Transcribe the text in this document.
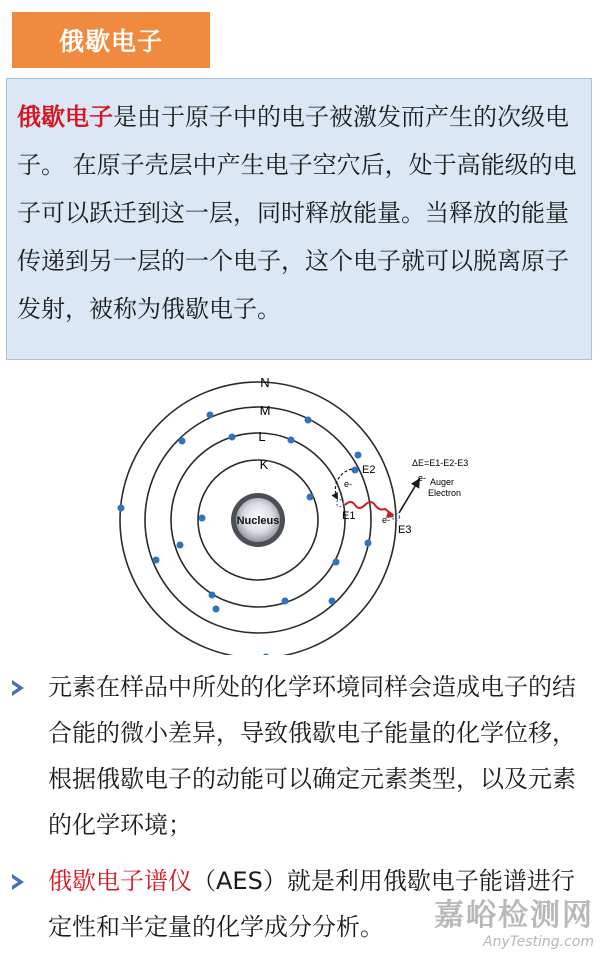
俄歇电子
俄歇电子是由于原子中的电子被激发而产生的次级电子。 在原子壳层中产生电子空穴后，处于高能级的电子可以跃迁到这一层，同时释放能量。当释放的能量传递到另一层的一个电子，这个电子就可以脱离原子发射，被称为俄歇电子。
Nucleus
K
L
M
N
E2
E1
E3
e-
e-
e-
ΔE=E1-E2-E3
Auger
Electron
元素在样品中所处的化学环境同样会造成电子的结合能的微小差异，导致俄歇电子能量的化学位移，根据俄歇电子的动能可以确定元素类型，以及元素的化学环境；
俄歇电子谱仪（AES）就是利用俄歇电子能谱进行定性和半定量的化学成分分析。	嘉峪检测网
AnyTesting.com
